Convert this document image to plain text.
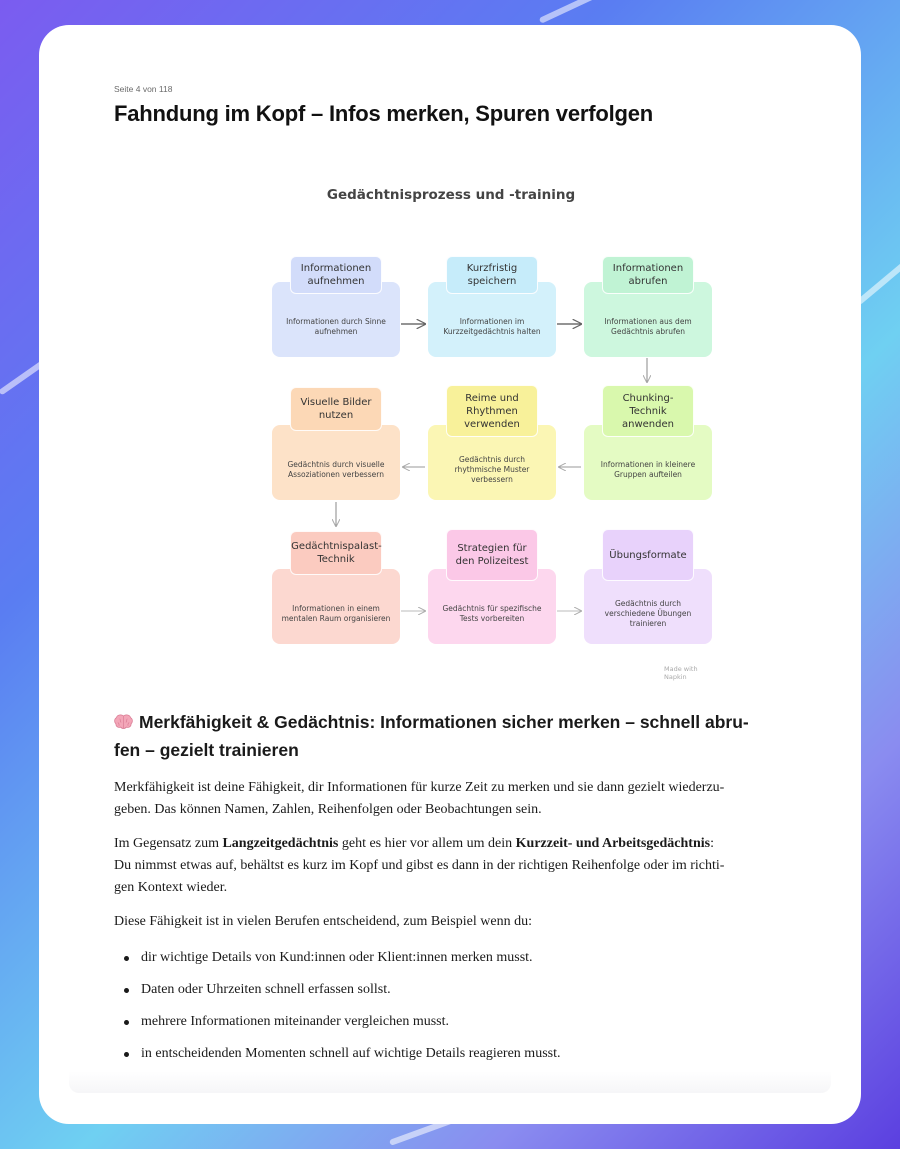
Seite 4 von 118
Fahndung im Kopf – Infos merken, Spuren verfolgen
Gedächtnisprozess und -training
Informationen durch Sinne aufnehmen
Informationen aufnehmen
Informationen im Kurzzeitgedächtnis halten
Kurzfristig speichern
Informationen aus dem Gedächtnis abrufen
Informationen abrufen
Gedächtnis durch visuelle Assoziationen verbessern
Visuelle Bilder nutzen
Gedächtnis durch rhythmische Muster verbessern
Reime und Rhythmen verwenden
Informationen in kleinere Gruppen aufteilen
Chunking-Technik anwenden
Informationen in einem mentalen Raum organisieren
Gedächtnispalast-Technik
Gedächtnis für spezifische Tests vorbereiten
Strategien für den Polizeitest
Gedächtnis durch verschiedene Übungen trainieren
Übungsformate
Made with Napkin
Merkfähigkeit & Gedächtnis: Informationen sicher merken – schnell abru-
fen – gezielt trainieren
Merkfähigkeit ist deine Fähigkeit, dir Informationen für kurze Zeit zu merken und sie dann gezielt wiederzu-
geben. Das können Namen, Zahlen, Reihenfolgen oder Beobachtungen sein.
Im Gegensatz zum Langzeitgedächtnis geht es hier vor allem um dein Kurzzeit- und Arbeitsgedächtnis:
Du nimmst etwas auf, behältst es kurz im Kopf und gibst es dann in der richtigen Reihenfolge oder im richti-
gen Kontext wieder.
Diese Fähigkeit ist in vielen Berufen entscheidend, zum Beispiel wenn du:
dir wichtige Details von Kund:innen oder Klient:innen merken musst.
Daten oder Uhrzeiten schnell erfassen sollst.
mehrere Informationen miteinander vergleichen musst.
in entscheidenden Momenten schnell auf wichtige Details reagieren musst.
